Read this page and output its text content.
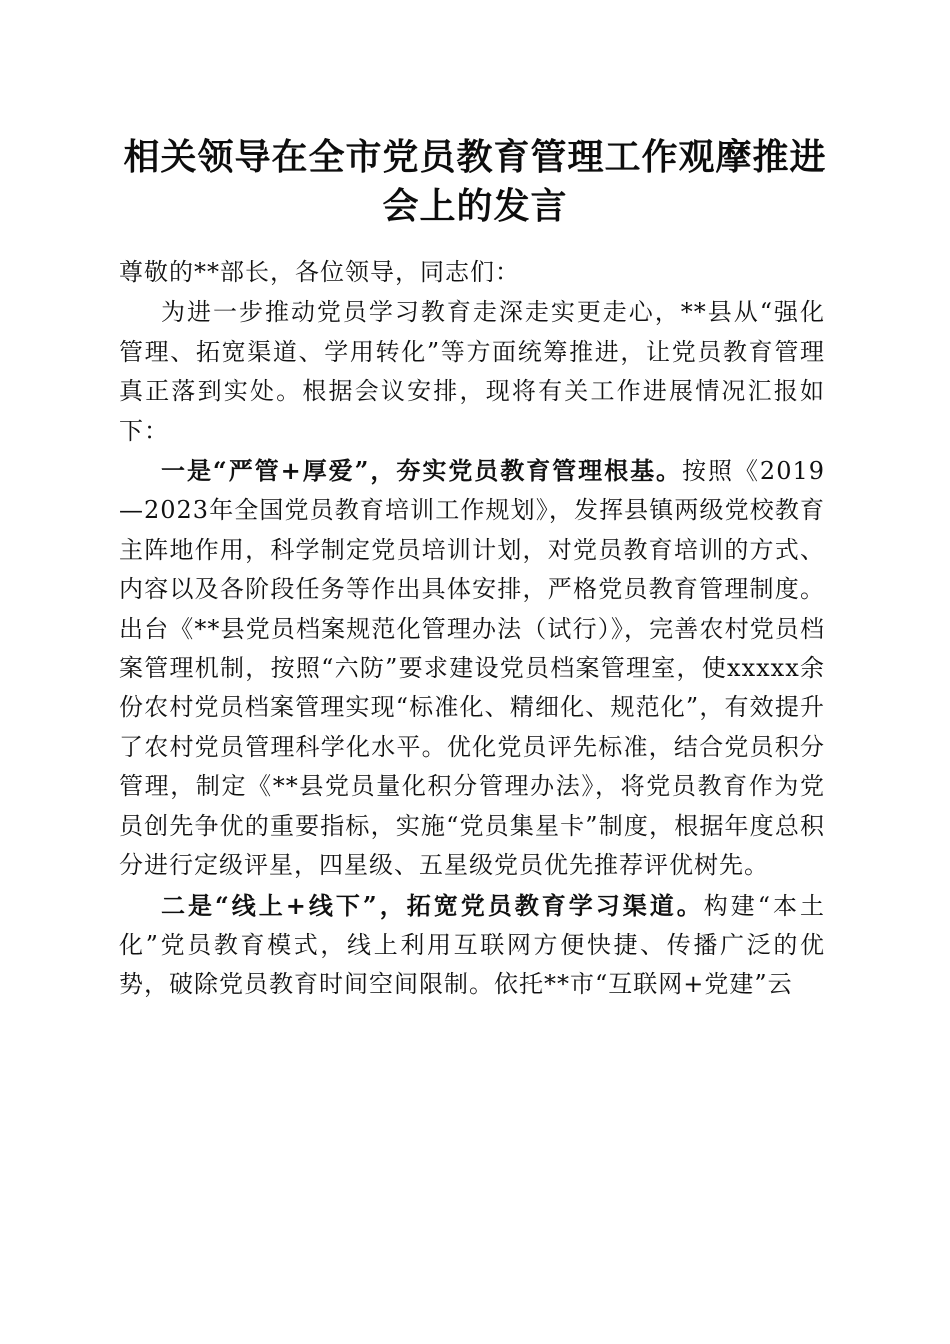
相关领导在全市党员教育管理工作观摩推进会上的发言

尊敬的**部长，各位领导，同志们：

为进一步推动党员学习教育走深走实更走心，**县从“强化管理、拓宽渠道、学用转化”等方面统筹推进，让党员教育管理真正落到实处。根据会议安排，现将有关工作进展情况汇报如下：

一是“严管+厚爱”，夯实党员教育管理根基。按照《2019—2023年全国党员教育培训工作规划》，发挥县镇两级党校教育主阵地作用，科学制定党员培训计划，对党员教育培训的方式、内容以及各阶段任务等作出具体安排，严格党员教育管理制度。出台《**县党员档案规范化管理办法（试行）》，完善农村党员档案管理机制，按照“六防”要求建设党员档案管理室，使xxxxx余份农村党员档案管理实现“标准化、精细化、规范化”，有效提升了农村党员管理科学化水平。优化党员评先标准，结合党员积分管理，制定《**县党员量化积分管理办法》，将党员教育作为党员创先争优的重要指标，实施“党员集星卡”制度，根据年度总积分进行定级评星，四星级、五星级党员优先推荐评优树先。

二是“线上+线下”，拓宽党员教育学习渠道。构建“本土化”党员教育模式，线上利用互联网方便快捷、传播广泛的优势，破除党员教育时间空间限制。依托**市“互联网+党建”云
